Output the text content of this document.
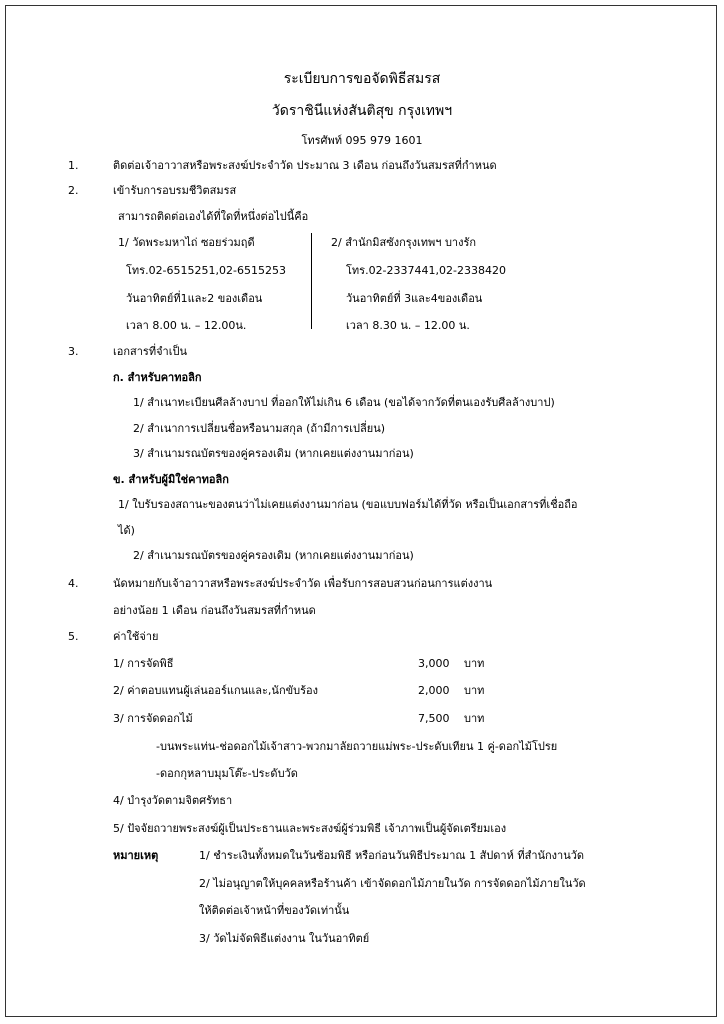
ระเบียบการขอจัดพิธีสมรส
วัดราชินีแห่งสันติสุข กรุงเทพฯ
โทรศัพท์ 095 979 1601
1.	ติดต่อเจ้าอาวาสหรือพระสงฆ์ประจำวัด ประมาณ 3 เดือน ก่อนถึงวันสมรสที่กำหนด
2.	เข้ารับการอบรมชีวิตสมรส
สามารถติดต่อเองได้ที่ใดที่หนึ่งต่อไปนี้คือ
1/ วัดพระมหาไถ่ ซอยร่วมฤดี
โทร.02-6515251,02-6515253
วันอาทิตย์ที่1และ2 ของเดือน
เวลา 8.00 น. – 12.00น.
2/ สำนักมิสซังกรุงเทพฯ บางรัก
โทร.02-2337441,02-2338420
วันอาทิตย์ที่ 3และ4ของเดือน
เวลา 8.30 น. – 12.00 น.
3.	เอกสารที่จำเป็น
ก. สำหรับคาทอลิก
1/ สำเนาทะเบียนศีลล้างบาป ที่ออกให้ไม่เกิน 6 เดือน (ขอได้จากวัดที่ตนเองรับศีลล้างบาป)
2/ สำเนาการเปลี่ยนชื่อหรือนามสกุล (ถ้ามีการเปลี่ยน)
3/ สำเนามรณบัตรของคู่ครองเดิม (หากเคยแต่งงานมาก่อน)
ข. สำหรับผู้มิใช่คาทอลิก
1/ ใบรับรองสถานะของตนว่าไม่เคยแต่งงานมาก่อน (ขอแบบฟอร์มได้ที่วัด หรือเป็นเอกสารที่เชื่อถือ
ได้)
2/ สำเนามรณบัตรของคู่ครองเดิม (หากเคยแต่งงานมาก่อน)
4.	นัดหมายกับเจ้าอาวาสหรือพระสงฆ์ประจำวัด เพื่อรับการสอบสวนก่อนการแต่งงาน
อย่างน้อย 1 เดือน ก่อนถึงวันสมรสที่กำหนด
5.	ค่าใช้จ่าย
1/ การจัดพิธี	3,000 บาท
2/ ค่าตอบแทนผู้เล่นออร์แกนและ,นักขับร้อง	2,000 บาท
3/ การจัดดอกไม้	7,500 บาท
-บนพระแท่น-ช่อดอกไม้เจ้าสาว-พวกมาลัยถวายแม่พระ-ประดับเทียน 1 คู่-ดอกไม้โปรย
-ดอกกุหลาบมุมโต๊ะ-ประดับวัด
4/ บำรุงวัดตามจิตศรัทธา
5/ ปัจจัยถวายพระสงฆ์ผู้เป็นประธานและพระสงฆ์ผู้ร่วมพิธี เจ้าภาพเป็นผู้จัดเตรียมเอง
หมายเหตุ	1/ ชำระเงินทั้งหมดในวันซ้อมพิธี หรือก่อนวันพิธีประมาณ 1 สัปดาห์ ที่สำนักงานวัด
2/ ไม่อนุญาตให้บุคคลหรือร้านค้า เข้าจัดดอกไม้ภายในวัด การจัดดอกไม้ภายในวัด
ให้ติดต่อเจ้าหน้าที่ของวัดเท่านั้น
3/ วัดไม่จัดพิธีแต่งงาน ในวันอาทิตย์
